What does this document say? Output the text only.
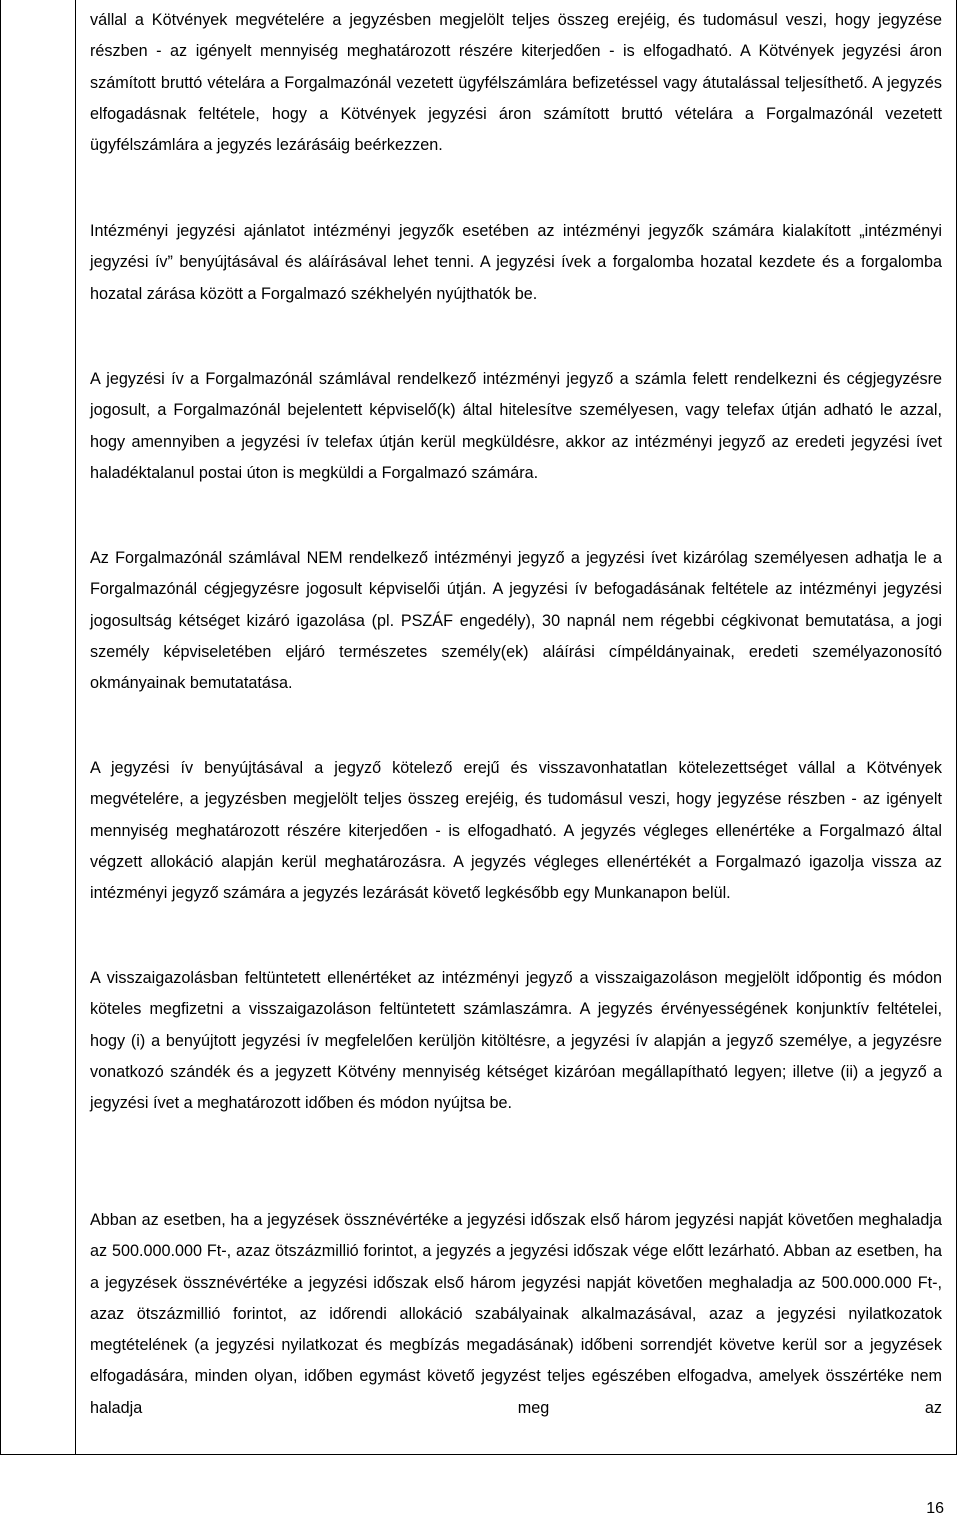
vállal a Kötvények megvételére a jegyzésben megjelölt teljes összeg erejéig, és tudomásul veszi, hogy jegyzése részben - az igényelt mennyiség meghatározott részére kiterjedően - is elfogadható. A Kötvények jegyzési áron számított bruttó vételára a Forgalmazónál vezetett ügyfélszámlára befizetéssel vagy átutalással teljesíthető. A jegyzés elfogadásnak feltétele, hogy a Kötvények jegyzési áron számított bruttó vételára a Forgalmazónál vezetett ügyfélszámlára a jegyzés lezárásáig beérkezzen.

Intézményi jegyzési ajánlatot intézményi jegyzők esetében az intézményi jegyzők számára kialakított „intézményi jegyzési ív” benyújtásával és aláírásával lehet tenni. A jegyzési ívek a forgalomba hozatal kezdete és a forgalomba hozatal zárása között a Forgalmazó székhelyén nyújthatók be.

A jegyzési ív a Forgalmazónál számlával rendelkező intézményi jegyző a számla felett rendelkezni és cégjegyzésre jogosult, a Forgalmazónál bejelentett képviselő(k) által hitelesítve személyesen, vagy telefax útján adható le azzal, hogy amennyiben a jegyzési ív telefax útján kerül megküldésre, akkor az intézményi jegyző az eredeti jegyzési ívet haladéktalanul postai úton is megküldi a Forgalmazó számára.

Az Forgalmazónál számlával NEM rendelkező intézményi jegyző a jegyzési ívet kizárólag személyesen adhatja le a Forgalmazónál cégjegyzésre jogosult képviselői útján. A jegyzési ív befogadásának feltétele az intézményi jegyzési jogosultság kétséget kizáró igazolása (pl. PSZÁF engedély), 30 napnál nem régebbi cégkivonat bemutatása, a jogi személy képviseletében eljáró természetes személy(ek) aláírási címpéldányainak, eredeti személyazonosító okmányainak bemutatatása.

A jegyzési ív benyújtásával a jegyző kötelező erejű és visszavonhatatlan kötelezettséget vállal a Kötvények megvételére, a jegyzésben megjelölt teljes összeg erejéig, és tudomásul veszi, hogy jegyzése részben - az igényelt mennyiség meghatározott részére kiterjedően - is elfogadható. A jegyzés végleges ellenértéke a Forgalmazó által végzett allokáció alapján kerül meghatározásra. A jegyzés végleges ellenértékét a Forgalmazó igazolja vissza az intézményi jegyző számára a jegyzés lezárását követő legkésőbb egy Munkanapon belül.

A visszaigazolásban feltüntetett ellenértéket az intézményi jegyző a visszaigazoláson megjelölt időpontig és módon köteles megfizetni a visszaigazoláson feltüntetett számlaszámra. A jegyzés érvényességének konjunktív feltételei, hogy (i) a benyújtott jegyzési ív megfelelően kerüljön kitöltésre, a jegyzési ív alapján a jegyző személye, a jegyzésre vonatkozó szándék és a jegyzett Kötvény mennyiség kétséget kizáróan megállapítható legyen; illetve (ii) a jegyző a jegyzési ívet a meghatározott időben és módon nyújtsa be.

Abban az esetben, ha a jegyzések össznévértéke a jegyzési időszak első három jegyzési napját követően meghaladja az 500.000.000 Ft-, azaz ötszázmillió forintot, a jegyzés a jegyzési időszak vége előtt lezárható. Abban az esetben, ha a jegyzések össznévértéke a jegyzési időszak első három jegyzési napját követően meghaladja az 500.000.000 Ft-, azaz ötszázmillió forintot, az időrendi allokáció szabályainak alkalmazásával, azaz a jegyzési nyilatkozatok megtételének (a jegyzési nyilatkozat és megbízás megadásának) időbeni sorrendjét követve kerül sor a jegyzések elfogadására, minden olyan, időben egymást követő jegyzést teljes egészében elfogadva, amelyek összértéke nem haladja meg az

16
